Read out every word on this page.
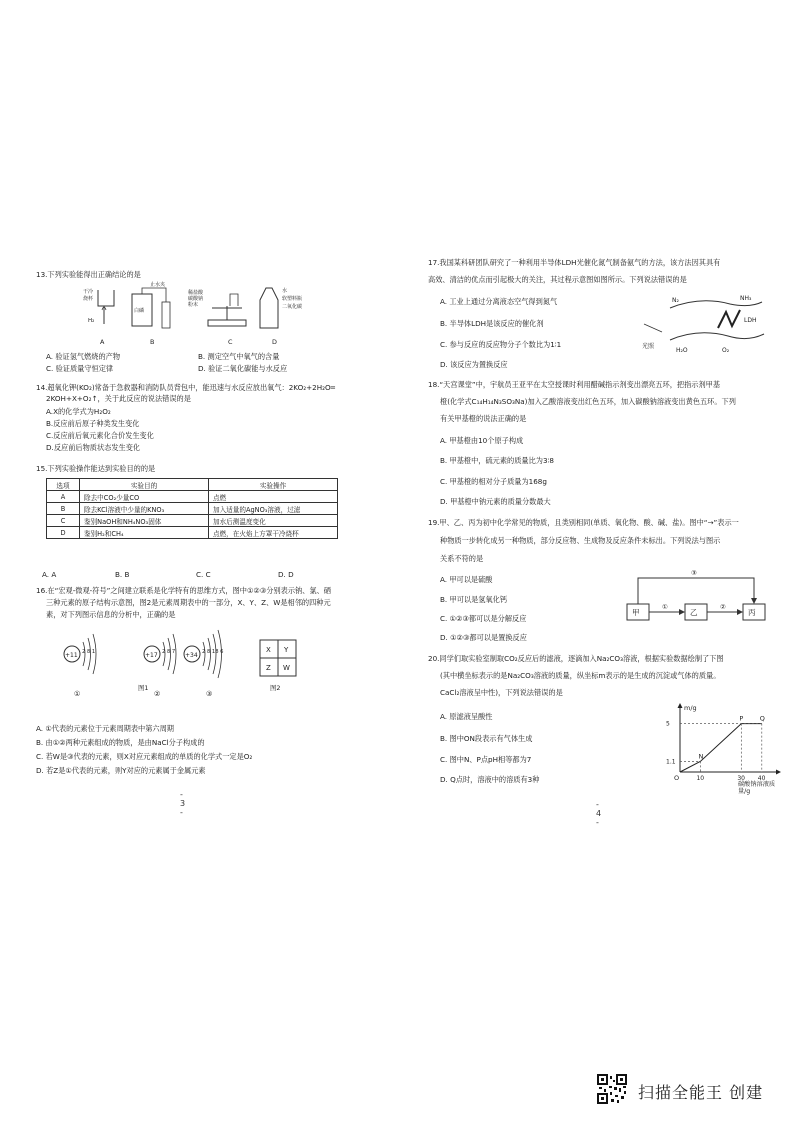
13.下列实验能得出正确结论的是
干冷
烧杯
H₂
止水夹
白磷
稀盐酸
碳酸钠
粉末
水
软塑料瓶
二氧化碳
A	B	C	D
A. 验证氢气燃烧的产物	B. 测定空气中氧气的含量
C. 验证质量守恒定律	D. 验证二氧化碳能与水反应
14.超氧化钾(KO₂)常备于急救器和消防队员背包中，能迅速与水反应放出氧气：2KO₂+2H₂O═
2KOH+X+O₂↑，关于此反应的说法错误的是
A.X的化学式为H₂O₂
B.反应前后原子种类发生变化
C.反应前后氧元素化合价发生变化
D.反应前后物质状态发生变化
15.下列实验操作能达到实验目的的是
选项	实验目的	实验操作
A	除去中CO₂少量CO	点燃
B	除去KCl溶液中少量的KNO₃	加入适量的AgNO₃溶液，过滤
C	鉴别NaOH和NH₄NO₃固体	加水后测温度变化
D	鉴别H₂和CH₄	点燃，在火焰上方罩干冷烧杯
A. A	B. B	C. C	D. D
16.在“宏观-微观-符号”之间建立联系是化学特有的思维方式，图中①②③分别表示钠、氯、硒
三种元素的原子结构示意图，图2是元素周期表中的一部分，X、Y、Z、W是相邻的四种元
素，对下列图示信息的分析中，正确的是
+11 2 8 1
①
+17 2 8 7
②
+34 2 8 18 6
③
X Y
Z W
图1	图2
A. ①代表的元素位于元素周期表中第六周期
B. 由①②两种元素组成的物质，是由NaCl分子构成的
C. 若W是③代表的元素，则X对应元素组成的单质的化学式一定是O₂
D. 若Z是①代表的元素，则Y对应的元素属于金属元素
- 3 -
17.我国某科研团队研究了一种利用半导体LDH光催化氮气制备氨气的方法，该方法因其具有
高效、清洁的优点而引起极大的关注，其过程示意图如图所示。下列说法错误的是
A. 工业上通过分离液态空气得到氮气
B. 半导体LDH是该反应的催化剂
C. 参与反应的反应物分子个数比为1∶1
D. 该反应为置换反应
N₂	NH₃
LDH
H₂O	O₂
光照
18.“天宫课堂”中，宇航员王亚平在太空授课时利用醋碱指示剂变出漂亮五环，把指示剂甲基
橙(化学式C₁₄H₁₄N₃SO₃Na)加入乙酸溶液变出红色五环，加入碳酸钠溶液变出黄色五环。下列
有关甲基橙的说法正确的是
A. 甲基橙由10个原子构成
B. 甲基橙中，硫元素的质量比为3∶8
C. 甲基橙的相对分子质量为168g
D. 甲基橙中钠元素的质量分数最大
19.甲、乙、丙为初中化学常见的物质，且类别相同(单质、氧化物、酸、碱、盐)。图中“→”表示一
种物质一步转化成另一种物质，部分反应物、生成物及反应条件未标出。下列说法与图示
关系不符的是
A. 甲可以是硫酸
B. 甲可以是氢氧化钙
C. ①②③都可以是分解反应
D. ①②③都可以是置换反应
甲	乙	丙
①	②
③
20.同学们取实验室制取CO₂反应后的滤液，逐滴加入Na₂CO₃溶液，根据实验数据绘制了下图
(其中横坐标表示的是Na₂CO₃溶液的质量，纵坐标m表示的是生成的沉淀或气体的质量。
CaCl₂溶液呈中性)，下列说法错误的是
A. 原滤液呈酸性
B. 图中ON段表示有气体生成
C. 图中N、P点pH相等都为7
D. Q点时，溶液中的溶质有3种
m/g
O
N
P	Q
10	30 40
1.1
5
碳酸钠溶液质量/g
- 4 -
扫描全能王 创建
